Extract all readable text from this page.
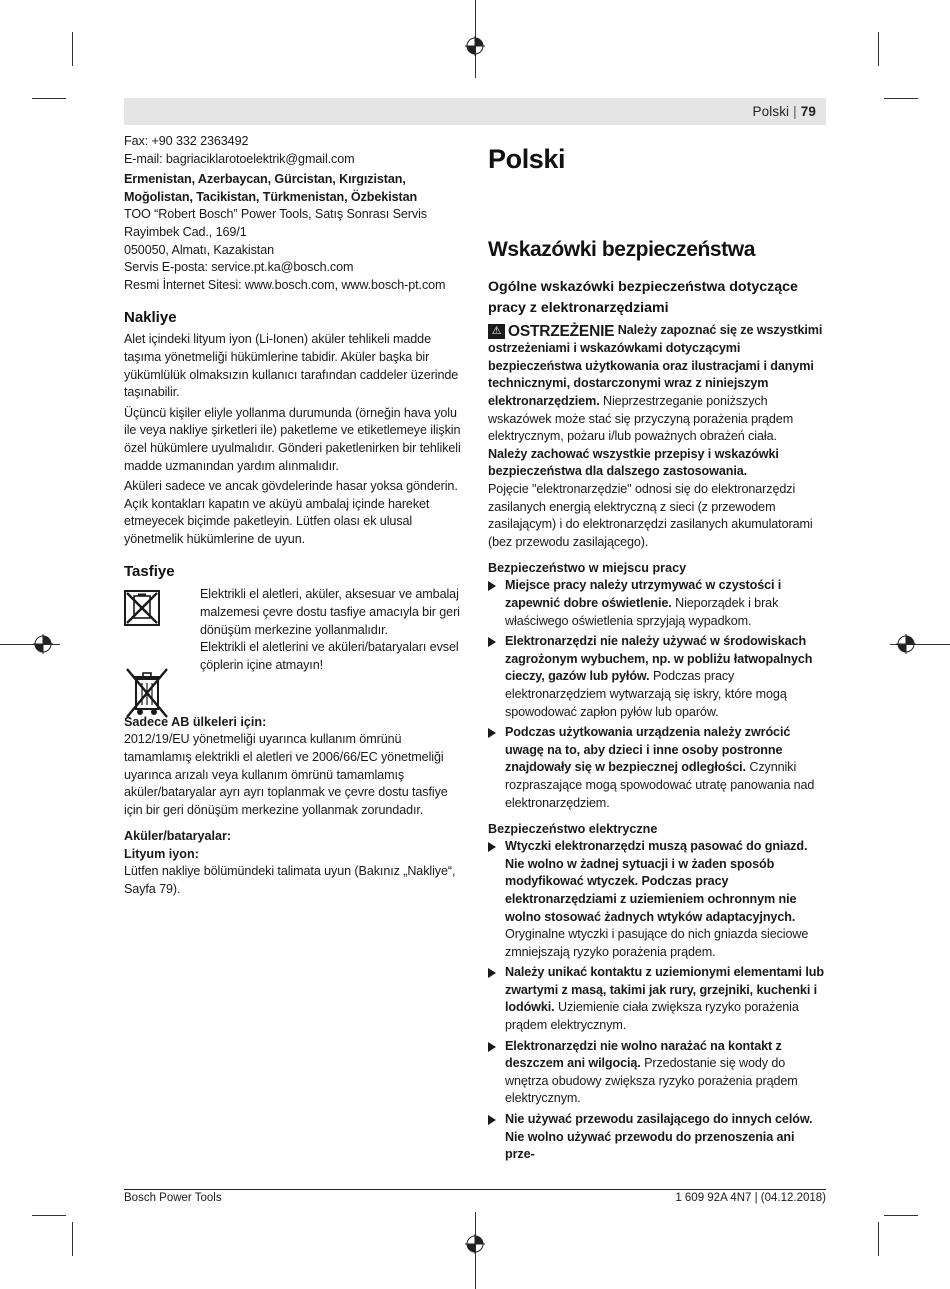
Polski | 79

Fax: +90 332 2363492

E-mail: bagriaciklarotoelektrik@gmail.com

Ermenistan, Azerbaycan, Gürcistan, Kırgızistan, Moğolistan, Tacikistan, Türkmenistan, Özbekistan

TOO “Robert Bosch” Power Tools, Satış Sonrası Servis

Rayimbek Cad., 169/1

050050, Almatı, Kazakistan

Servis E-posta: service.pt.ka@bosch.com

Resmi İnternet Sitesi: www.bosch.com, www.bosch-pt.com

Nakliye

Alet içindeki lityum iyon (Li-Ionen) aküler tehlikeli madde taşıma yönetmeliği hükümlerine tabidir. Aküler başka bir yükümlülük olmaksızın kullanıcı tarafından caddeler üzerinde taşınabilir.

Üçüncü kişiler eliyle yollanma durumunda (örneğin hava yolu ile veya nakliye şirketleri ile) paketleme ve etiketlemeye ilişkin özel hükümlere uyulmalıdır. Gönderi paketlenirken bir tehlikeli madde uzmanından yardım alınmalıdır.

Aküleri sadece ve ancak gövdelerinde hasar yoksa gönderin. Açık kontakları kapatın ve aküyü ambalaj içinde hareket etmeyecek biçimde paketleyin. Lütfen olası ek ulusal yönetmelik hükümlerine de uyun.

Tasfiye

Elektrikli el aletleri, aküler, aksesuar ve ambalaj malzemesi çevre dostu tasfiye amacıyla bir geri dönüşüm merkezine yollanmalıdır.

Elektrikli el aletlerini ve aküleri/bataryaları evsel çöplerin içine atmayın!

Sadece AB ülkeleri için:

2012/19/EU yönetmeliği uyarınca kullanım ömrünü tamamlamış elektrikli el aletleri ve 2006/66/EC yönetmeliği uyarınca arızalı veya kullanım ömrünü tamamlamış aküler/bataryalar ayrı ayrı toplanmak ve çevre dostu tasfiye için bir geri dönüşüm merkezine yollanmak zorundadır.

Aküler/bataryalar:

Lityum iyon:

Lütfen nakliye bölümündeki talimata uyun (Bakınız „Nakliye“, Sayfa 79).

Polski

Wskazówki bezpieczeństwa

Ogólne wskazówki bezpieczeństwa dotyczące pracy z elektronarzędziami

⚠ OSTRZEŻENIE Należy zapoznać się ze wszystkimi ostrzeżeniami i wskazówkami dotyczącymi bezpieczeństwa użytkowania oraz ilustracjami i danymi technicznymi, dostarczonymi wraz z niniejszym elektronarzędziem. Nieprzestrzeganie poniższych wskazówek może stać się przyczyną porażenia prądem elektrycznym, pożaru i/lub poważnych obrażeń ciała.

Należy zachować wszystkie przepisy i wskazówki bezpieczeństwa dla dalszego zastosowania.

Pojęcie "elektronarzędzie" odnosi się do elektronarzędzi zasilanych energią elektryczną z sieci (z przewodem zasilającym) i do elektronarzędzi zasilanych akumulatorami (bez przewodu zasilającego).

Bezpieczeństwo w miejscu pracy

Miejsce pracy należy utrzymywać w czystości i zapewnić dobre oświetlenie. Nieporządek i brak właściwego oświetlenia sprzyjają wypadkom.
Elektronarzędzi nie należy używać w środowiskach zagrożonym wybuchem, np. w pobliżu łatwopalnych cieczy, gazów lub pyłów. Podczas pracy elektronarzędziem wytwarzają się iskry, które mogą spowodować zapłon pyłów lub oparów.
Podczas użytkowania urządzenia należy zwrócić uwagę na to, aby dzieci i inne osoby postronne znajdowały się w bezpiecznej odległości. Czynniki rozpraszające mogą spowodować utratę panowania nad elektronarzędziem.

Bezpieczeństwo elektryczne

Wtyczki elektronarzędzi muszą pasować do gniazd. Nie wolno w żadnej sytuacji i w żaden sposób modyfikować wtyczek. Podczas pracy elektronarzędziami z uziemieniem ochronnym nie wolno stosować żadnych wtyków adaptacyjnych. Oryginalne wtyczki i pasujące do nich gniazda sieciowe zmniejszają ryzyko porażenia prądem.
Należy unikać kontaktu z uziemionymi elementami lub zwartymi z masą, takimi jak rury, grzejniki, kuchenki i lodówki. Uziemienie ciała zwiększa ryzyko porażenia prądem elektrycznym.
Elektronarzędzi nie wolno narażać na kontakt z deszczem ani wilgocią. Przedostanie się wody do wnętrza obudowy zwiększa ryzyko porażenia prądem elektrycznym.
Nie używać przewodu zasilającego do innych celów. Nie wolno używać przewodu do przenoszenia ani prze-
Bosch Power Tools	1 609 92A 4N7 | (04.12.2018)
